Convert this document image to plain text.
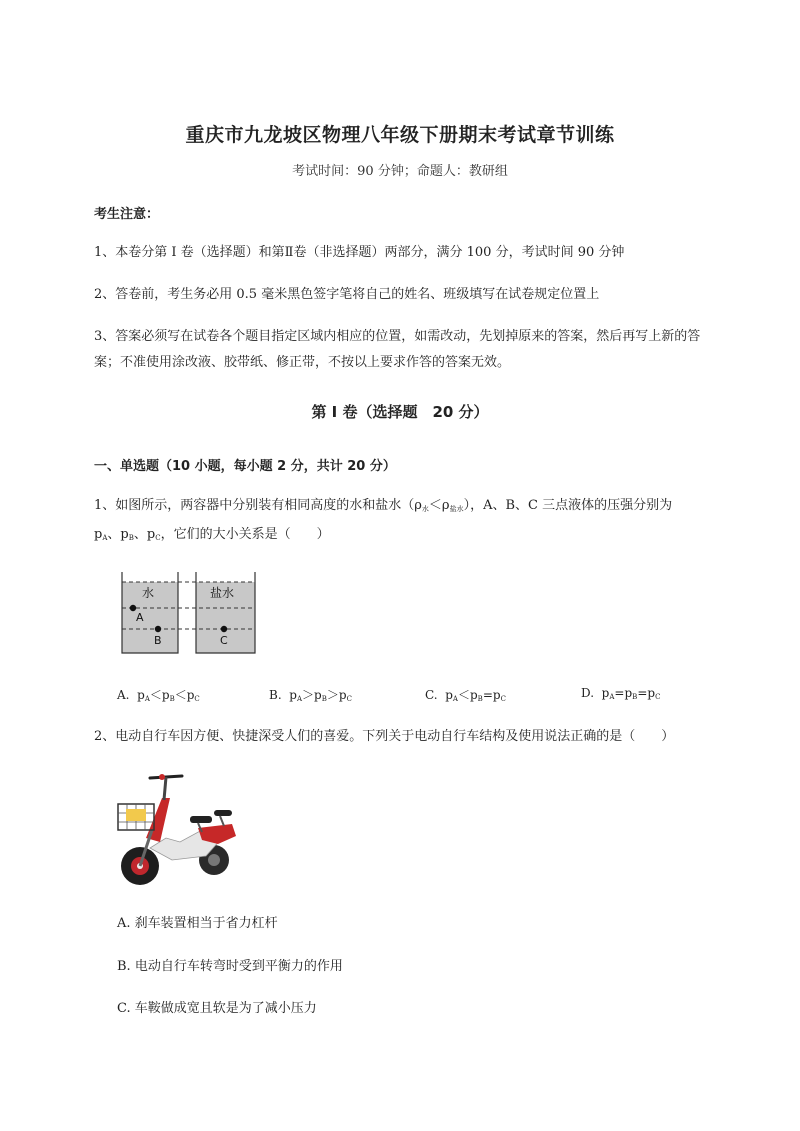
重庆市九龙坡区物理八年级下册期末考试章节训练
考试时间：90 分钟；命题人：教研组
考生注意：
1、本卷分第 I 卷（选择题）和第Ⅱ卷（非选择题）两部分，满分 100 分，考试时间 90 分钟
2、答卷前，考生务必用 0.5 毫米黑色签字笔将自己的姓名、班级填写在试卷规定位置上
3、答案必须写在试卷各个题目指定区域内相应的位置，如需改动，先划掉原来的答案，然后再写上新的答案；不准使用涂改液、胶带纸、修正带，不按以上要求作答的答案无效。
第 I 卷（选择题　20 分）
一、单选题（10 小题，每小题 2 分，共计 20 分）
1、如图所示，两容器中分别装有相同高度的水和盐水$(\rho_水<\rho_{盐水})$，A、B、C 三点液体的压强分别为
$p_A$、$p_B$、$p_C$，它们的大小关系是（　　）
水	盐水
A
B	C
A. $p_A<p_B<p_C$	B. $p_A>p_B>p_C$	C. $p_A<p_B=p_C$	D. $p_A=p_B=p_C$
2、电动自行车因方便、快捷深受人们的喜爱。下列关于电动自行车结构及使用说法正确的是（　　）
A. 刹车装置相当于省力杠杆
B. 电动自行车转弯时受到平衡力的作用
C. 车鞍做成宽且软是为了减小压力
